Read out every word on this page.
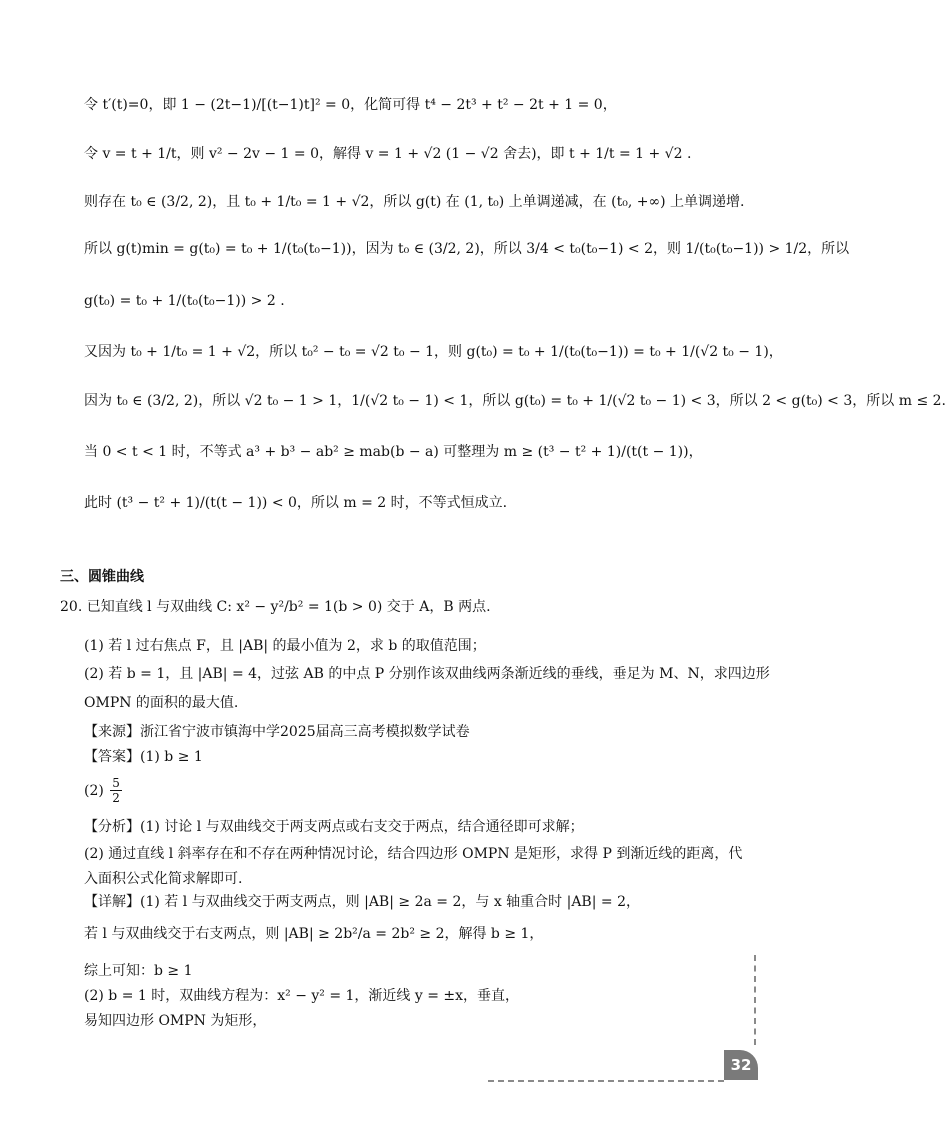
令 t′(t)=0，即 1 − (2t−1)/[(t−1)t]² = 0，化简可得 t⁴ − 2t³ + t² − 2t + 1 = 0，
令 v = t + 1/t，则 v² − 2v − 1 = 0，解得 v = 1 + √2 (1 − √2 舍去)，即 t + 1/t = 1 + √2 .
则存在 t₀ ∈ (3/2, 2)，且 t₀ + 1/t₀ = 1 + √2，所以 g(t) 在 (1, t₀) 上单调递减，在 (t₀, +∞) 上单调递增.
所以 g(t)min = g(t₀) = t₀ + 1/(t₀(t₀−1))，因为 t₀ ∈ (3/2, 2)，所以 3/4 < t₀(t₀−1) < 2，则 1/(t₀(t₀−1)) > 1/2，所以
g(t₀) = t₀ + 1/(t₀(t₀−1)) > 2 .
又因为 t₀ + 1/t₀ = 1 + √2，所以 t₀² − t₀ = √2 t₀ − 1，则 g(t₀) = t₀ + 1/(t₀(t₀−1)) = t₀ + 1/(√2 t₀ − 1)，
因为 t₀ ∈ (3/2, 2)，所以 √2 t₀ − 1 > 1，1/(√2 t₀ − 1) < 1，所以 g(t₀) = t₀ + 1/(√2 t₀ − 1) < 3，所以 2 < g(t₀) < 3，所以 m ≤ 2.
当 0 < t < 1 时，不等式 a³ + b³ − ab² ≥ mab(b − a) 可整理为 m ≥ (t³ − t² + 1)/(t(t − 1))，
此时 (t³ − t² + 1)/(t(t − 1)) < 0，所以 m = 2 时，不等式恒成立.
三、圆锥曲线
20. 已知直线 l 与双曲线 C: x² − y²/b² = 1(b > 0) 交于 A，B 两点.
(1) 若 l 过右焦点 F，且 |AB| 的最小值为 2，求 b 的取值范围；
(2) 若 b = 1，且 |AB| = 4，过弦 AB 的中点 P 分别作该双曲线两条渐近线的垂线，垂足为 M、N，求四边形
OMPN 的面积的最大值.
【来源】浙江省宁波市镇海中学2025届高三高考模拟数学试卷
【答案】(1) b ≥ 1
$(2) \frac{5}{2}$
【分析】(1) 讨论 l 与双曲线交于两支两点或右支交于两点，结合通径即可求解；
(2) 通过直线 l 斜率存在和不存在两种情况讨论，结合四边形 OMPN 是矩形，求得 P 到渐近线的距离，代
入面积公式化简求解即可.
【详解】(1) 若 l 与双曲线交于两支两点，则 |AB| ≥ 2a = 2，与 x 轴重合时 |AB| = 2，
若 l 与双曲线交于右支两点，则 |AB| ≥ 2b²/a = 2b² ≥ 2，解得 b ≥ 1，
综上可知：b ≥ 1
(2) b = 1 时，双曲线方程为：x² − y² = 1，渐近线 y = ±x，垂直，
易知四边形 OMPN 为矩形，
32
